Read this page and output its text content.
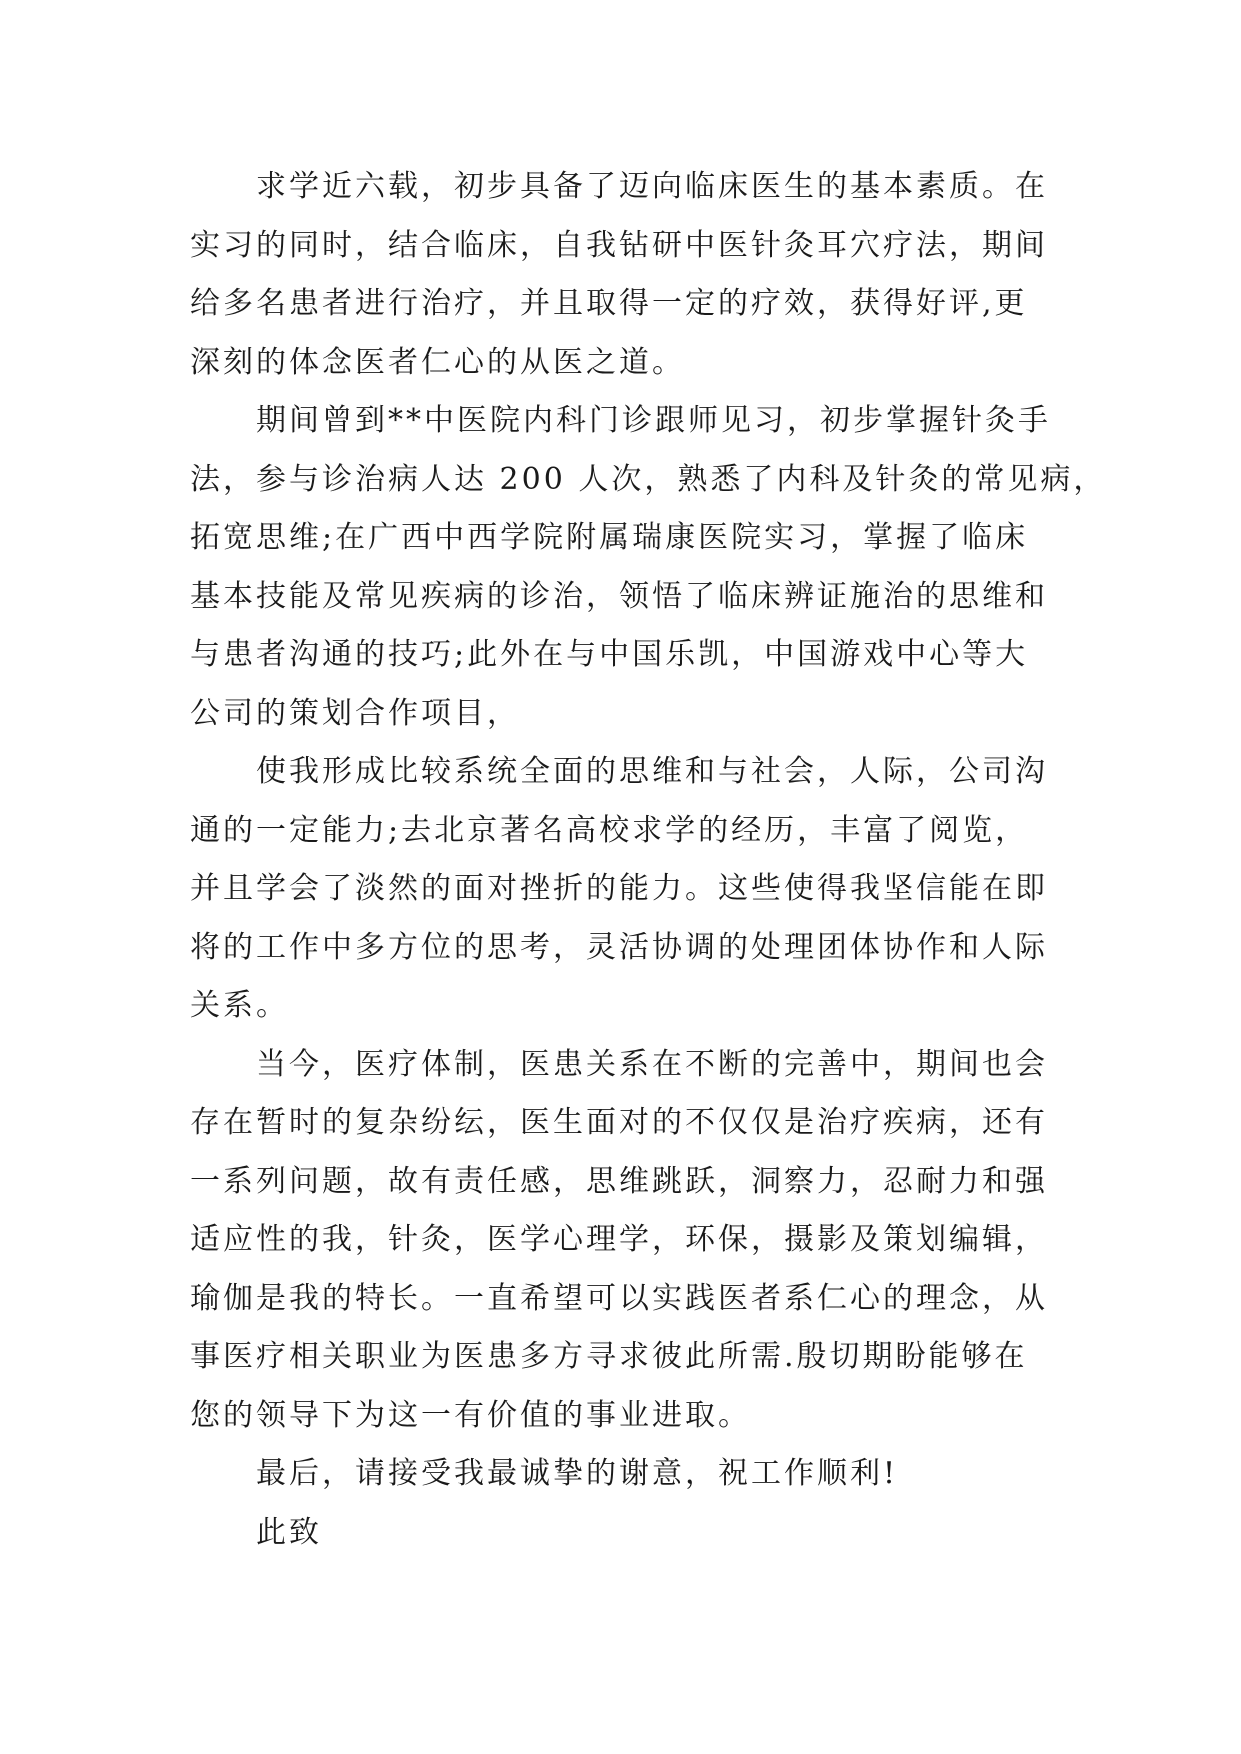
求学近六载，初步具备了迈向临床医生的基本素质。在
实习的同时，结合临床，自我钻研中医针灸耳穴疗法，期间
给多名患者进行治疗，并且取得一定的疗效，获得好评,更
深刻的体念医者仁心的从医之道。
期间曾到**中医院内科门诊跟师见习，初步掌握针灸手
法，参与诊治病人达 200 人次，熟悉了内科及针灸的常见病，
拓宽思维;在广西中西学院附属瑞康医院实习，掌握了临床
基本技能及常见疾病的诊治，领悟了临床辨证施治的思维和
与患者沟通的技巧;此外在与中国乐凯，中国游戏中心等大
公司的策划合作项目，
使我形成比较系统全面的思维和与社会，人际，公司沟
通的一定能力;去北京著名高校求学的经历，丰富了阅览，
并且学会了淡然的面对挫折的能力。这些使得我坚信能在即
将的工作中多方位的思考，灵活协调的处理团体协作和人际
关系。
当今，医疗体制，医患关系在不断的完善中，期间也会
存在暂时的复杂纷纭，医生面对的不仅仅是治疗疾病，还有
一系列问题，故有责任感，思维跳跃，洞察力，忍耐力和强
适应性的我，针灸，医学心理学，环保，摄影及策划编辑，
瑜伽是我的特长。一直希望可以实践医者系仁心的理念，从
事医疗相关职业为医患多方寻求彼此所需.殷切期盼能够在
您的领导下为这一有价值的事业进取。
最后，请接受我最诚挚的谢意，祝工作顺利!
此致
